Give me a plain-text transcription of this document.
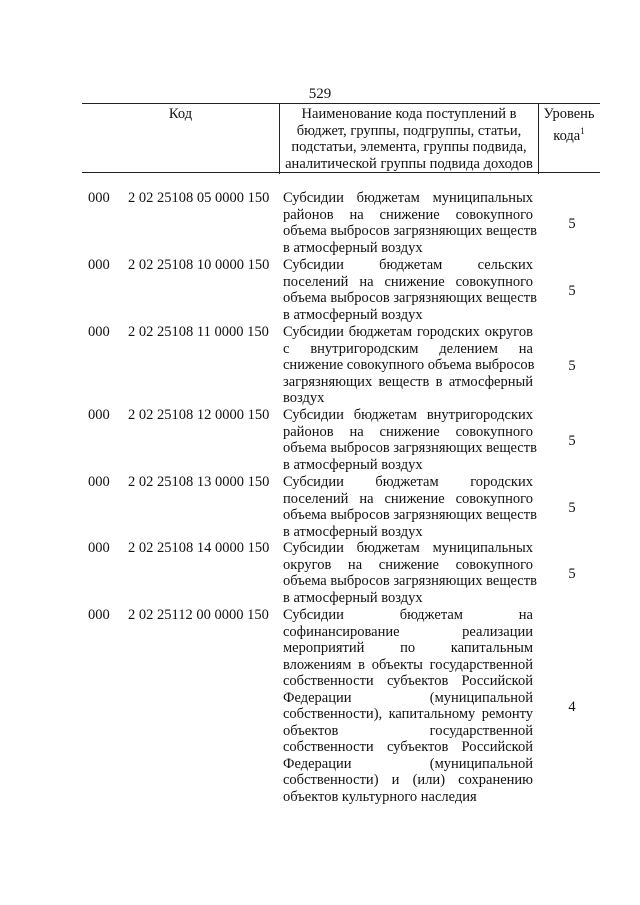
529
Код	Наименование кода поступлений в
бюджет, группы, подгруппы, статьи,
подстатьи, элемента, группы подвида,
аналитической группы подвида доходов
Уровень
кода$^1$
000	2 02 25108 05 0000 150 Субсидии бюджетам муниципальных
районов на снижение совокупного
объема выбросов загрязняющих веществ
в атмосферный воздух
5
000	2 02 25108 10 0000 150 Субсидии бюджетам сельских
поселений на снижение совокупного
объема выбросов загрязняющих веществ
в атмосферный воздух
5
000	2 02 25108 11 0000 150 Субсидии бюджетам городских округов
с внутригородским делением на
снижение совокупного объема выбросов
загрязняющих веществ в атмосферный
воздух
5
000	2 02 25108 12 0000 150 Субсидии бюджетам внутригородских
районов на снижение совокупного
объема выбросов загрязняющих веществ
в атмосферный воздух
5
000	2 02 25108 13 0000 150 Субсидии бюджетам городских
поселений на снижение совокупного
объема выбросов загрязняющих веществ
в атмосферный воздух
5
000	2 02 25108 14 0000 150 Субсидии бюджетам муниципальных
округов на снижение совокупного
объема выбросов загрязняющих веществ
в атмосферный воздух
5
000	2 02 25112 00 0000 150 Субсидии бюджетам на
софинансирование реализации
мероприятий по капитальным
вложениям в объекты государственной
собственности субъектов Российской
Федерации (муниципальной
собственности), капитальному ремонту
объектов государственной
собственности субъектов Российской
Федерации (муниципальной
собственности) и (или) сохранению
объектов культурного наследия
4
